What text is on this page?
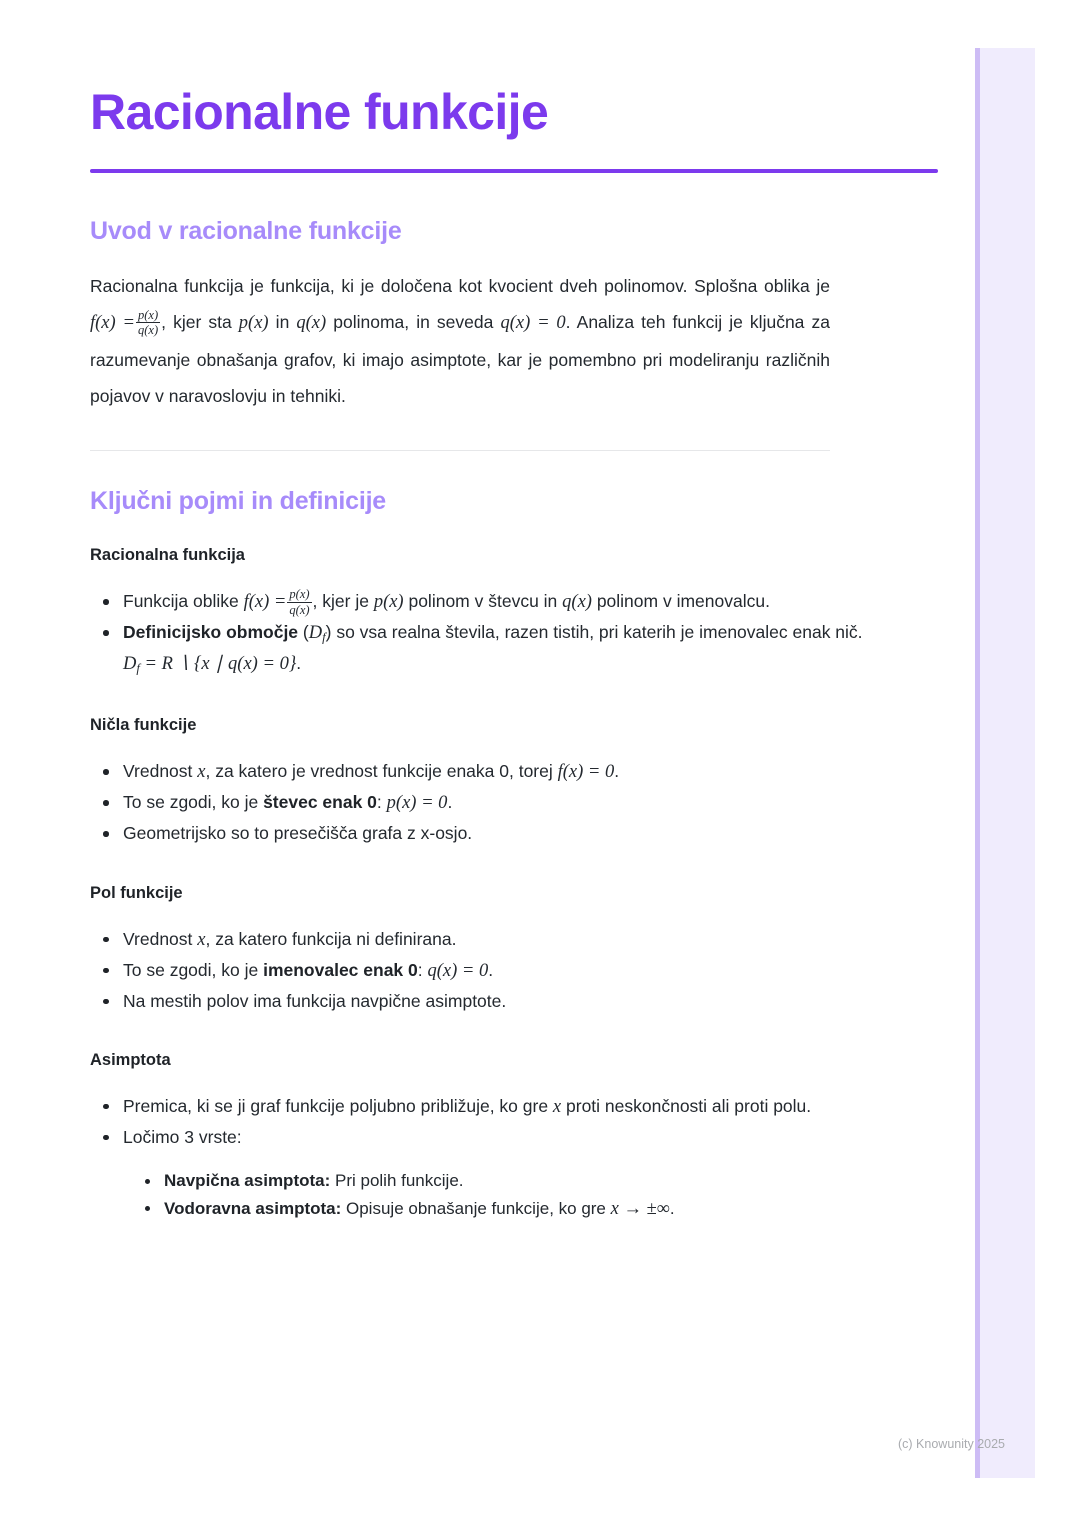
Racionalne funkcije
Uvod v racionalne funkcije

Racionalna funkcija je funkcija, ki je določena kot kvocient dveh polinomov. Splošna oblika je $f(x) = \frac{p(x)}{q(x)}$ , kjer sta p(x) in q(x) polinoma, in seveda q(x) = 0. Analiza teh funkcij je ključna za razumevanje obnašanja grafov, ki imajo asimptote, kar je pomembno pri modeliranju različnih pojavov v naravoslovju in tehniki.

Ključni pojmi in definicije
Racionalna funkcija
Funkcija oblike $f(x) = \frac{p(x)}{q(x)}$ , kjer je p(x) polinom v števcu in q(x) polinom v imenovalcu.
Definicijsko območje $(D_f)$ so vsa realna števila, razen tistih, pri katerih je imenovalec enak nič. $D_f = R$ ∖ {x ∣ q(x) = 0}.
Ničla funkcije
Vrednost x, za katero je vrednost funkcije enaka 0, torej f(x) = 0.
To se zgodi, ko je števec enak 0: p(x) = 0.
Geometrijsko so to presečišča grafa z x-osjo.
Pol funkcije
Vrednost x, za katero funkcija ni definirana.
To se zgodi, ko je imenovalec enak 0: q(x) = 0.
Na mestih polov ima funkcija navpične asimptote.
Asimptota
Premica, ki se ji graf funkcije poljubno približuje, ko gre x proti neskončnosti ali proti polu.
Ločimo 3 vrste:
Navpična asimptota: Pri polih funkcije.
Vodoravna asimptota: Opisuje obnašanje funkcije, ko gre x → ±∞.
(c) Knowunity 2025
